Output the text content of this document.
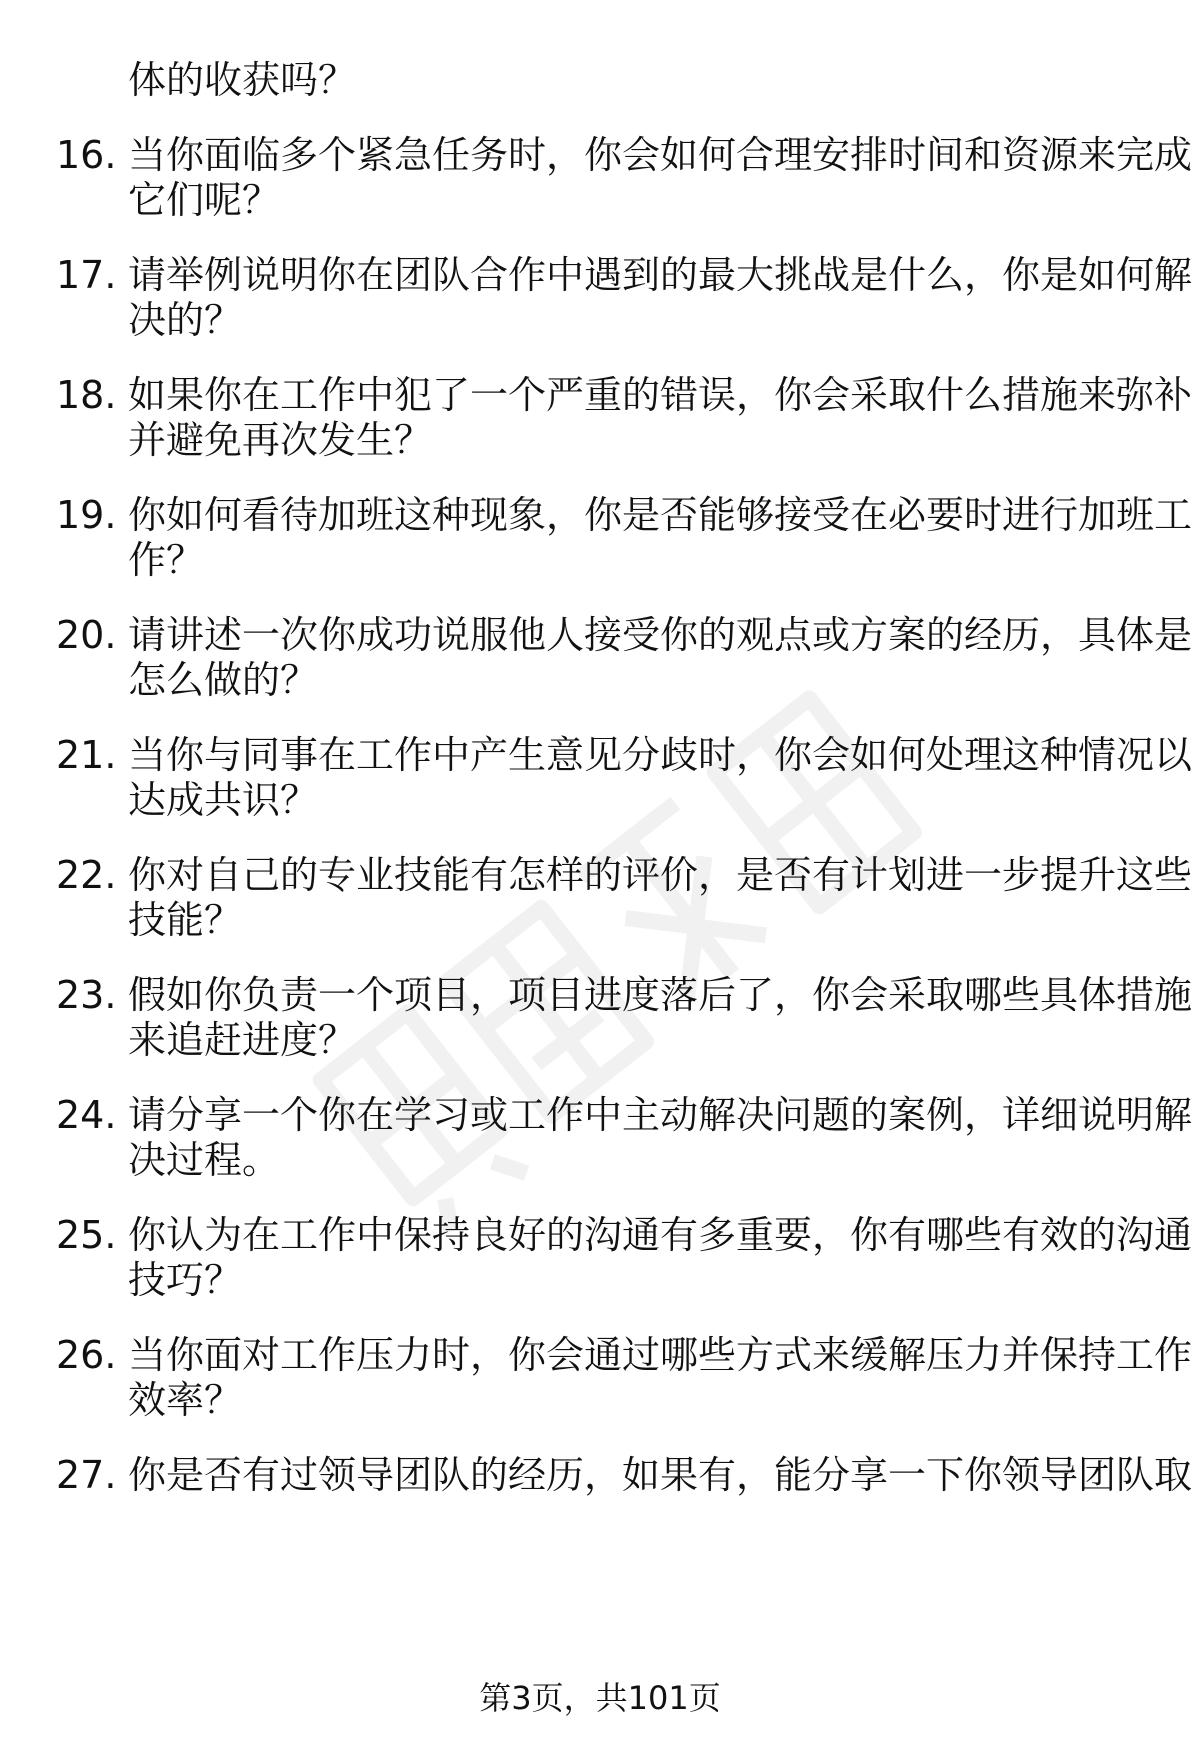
体的收获吗？
16. 当你面临多个紧急任务时，你会如何合理安排时间和资源来完成
它们呢？
17. 请举例说明你在团队合作中遇到的最大挑战是什么，你是如何解
决的？
18. 如果你在工作中犯了一个严重的错误，你会采取什么措施来弥补
并避免再次发生？
19. 你如何看待加班这种现象，你是否能够接受在必要时进行加班工
作？
20. 请讲述一次你成功说服他人接受你的观点或方案的经历，具体是
怎么做的？
21. 当你与同事在工作中产生意见分歧时，你会如何处理这种情况以
达成共识？
22. 你对自己的专业技能有怎样的评价，是否有计划进一步提升这些
技能？
23. 假如你负责一个项目，项目进度落后了，你会采取哪些具体措施
来追赶进度？
24. 请分享一个你在学习或工作中主动解决问题的案例，详细说明解
决过程。
25. 你认为在工作中保持良好的沟通有多重要，你有哪些有效的沟通
技巧？
26. 当你面对工作压力时，你会通过哪些方式来缓解压力并保持工作
效率？
27. 你是否有过领导团队的经历，如果有，能分享一下你领导团队取
第3页，共101页
